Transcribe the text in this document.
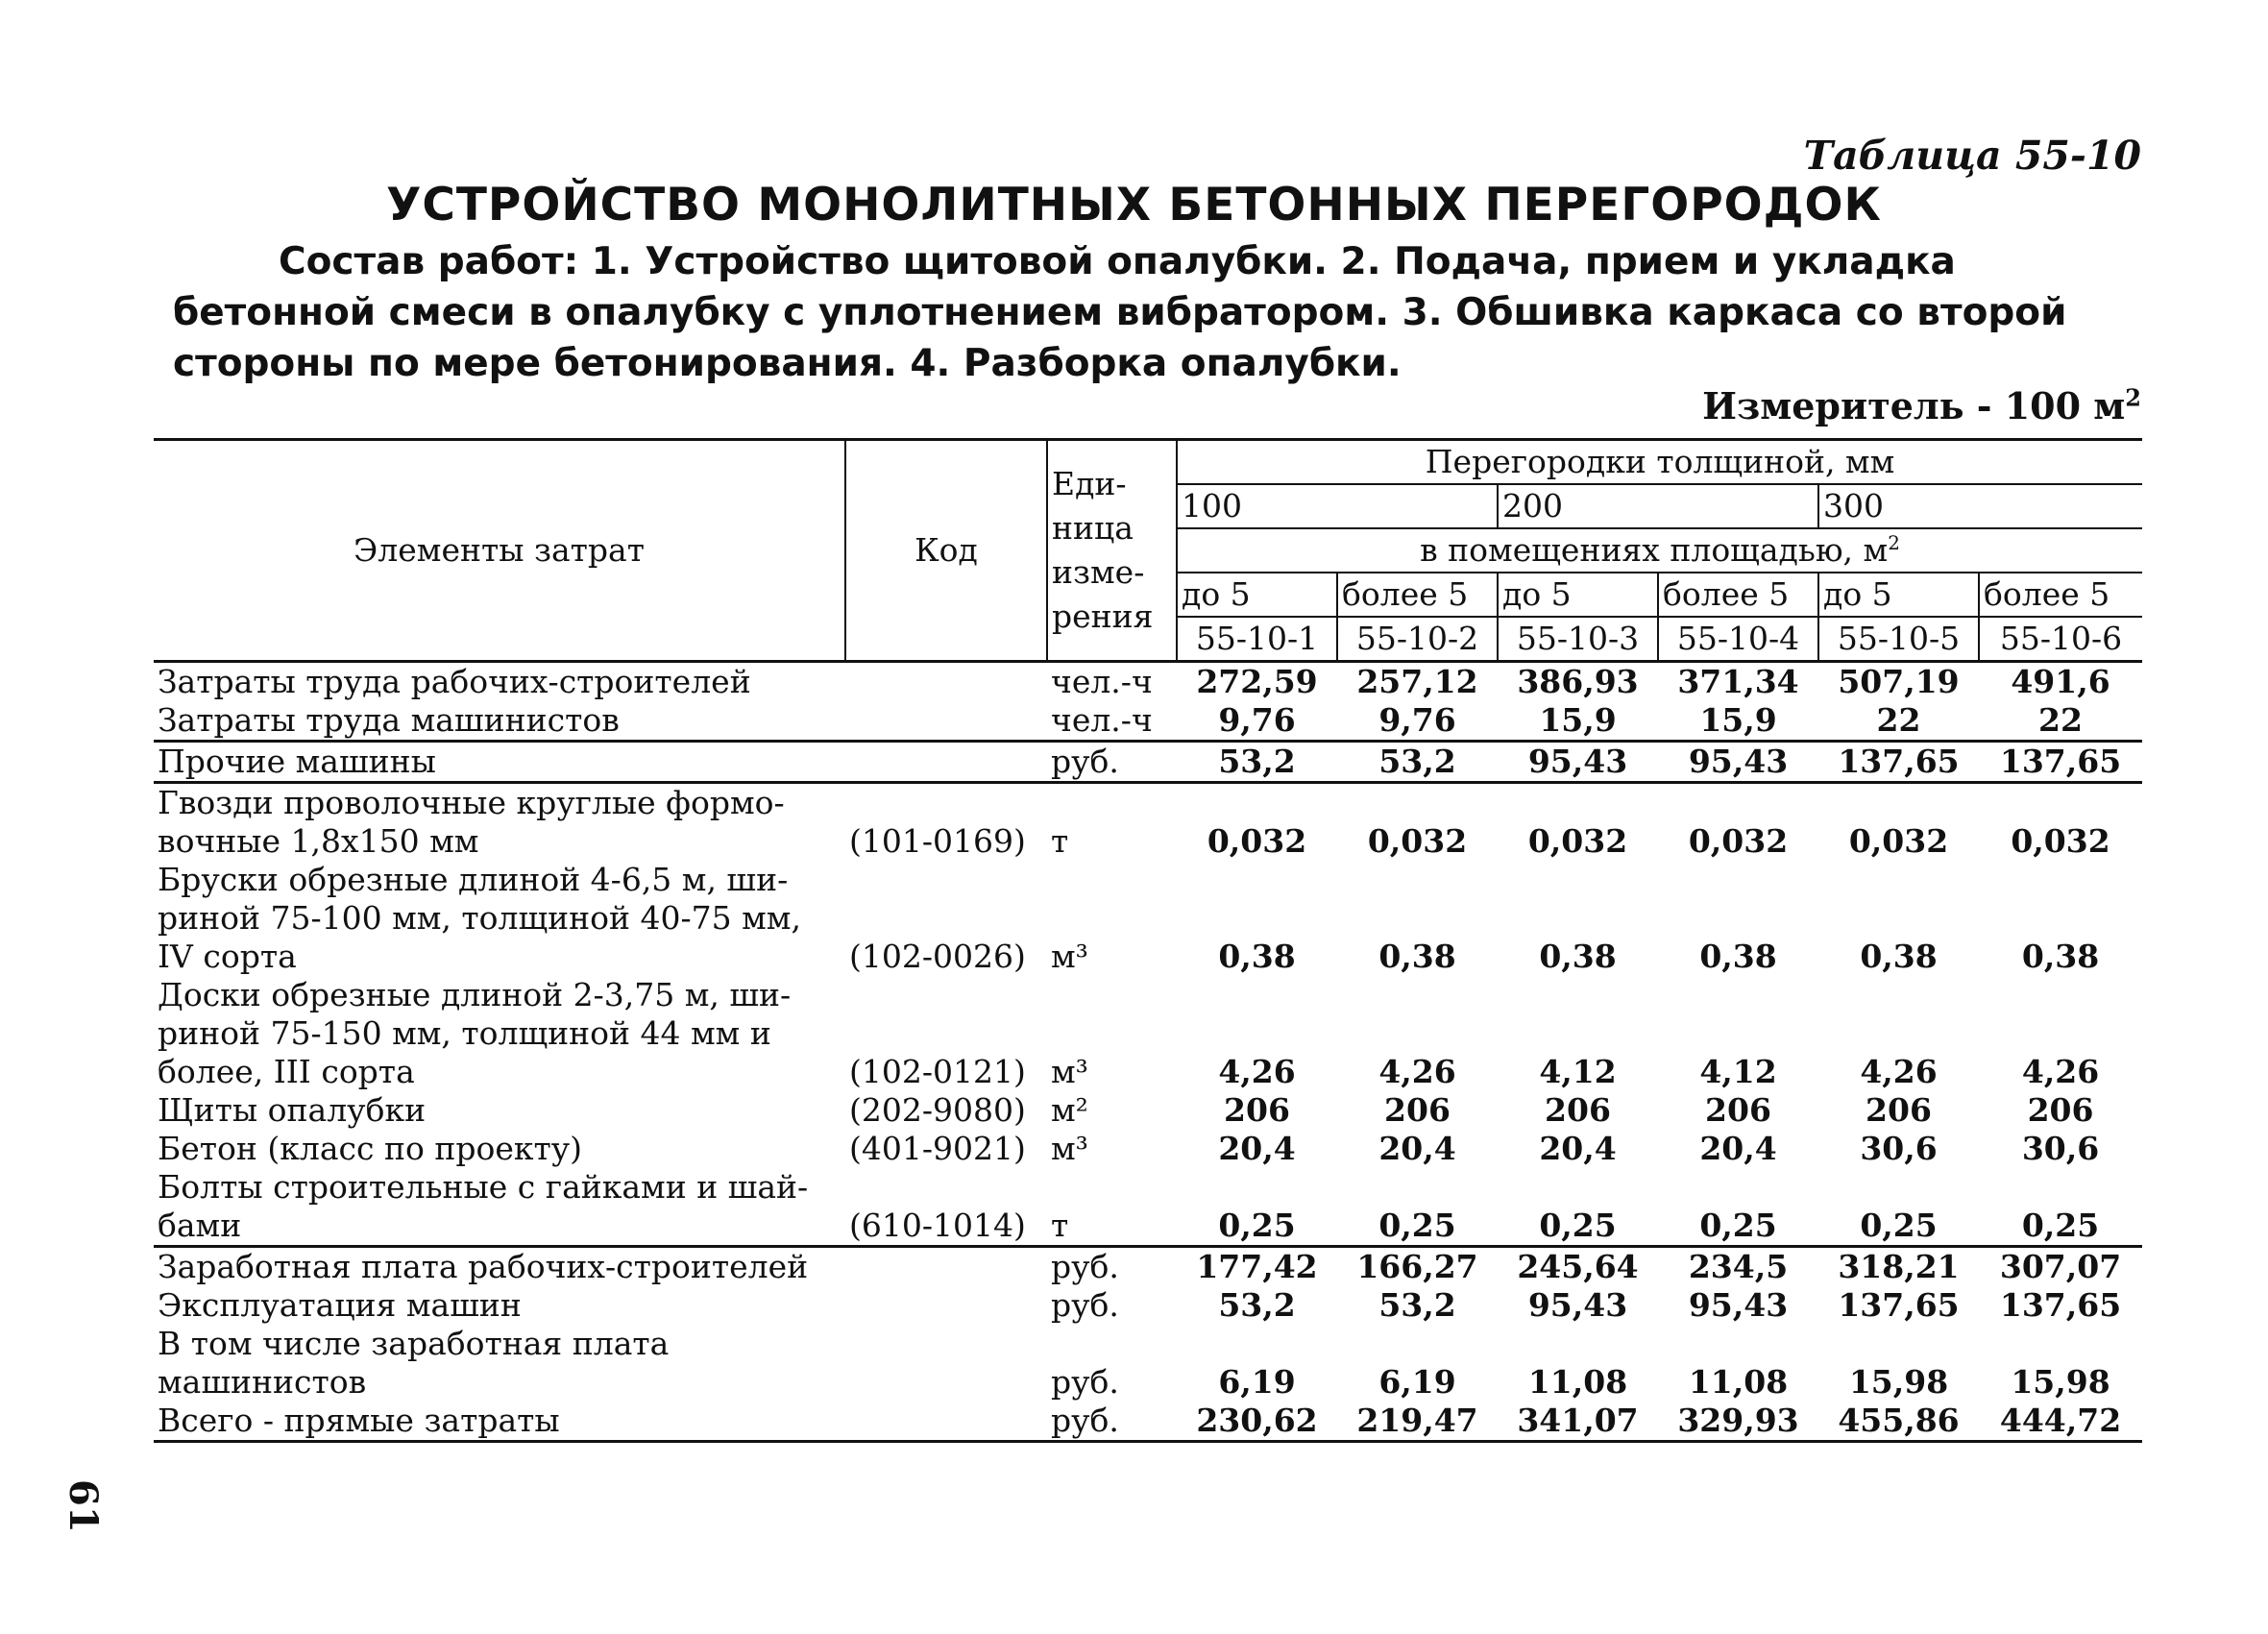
Таблица 55-10
УСТРОЙСТВО МОНОЛИТНЫХ БЕТОННЫХ ПЕРЕГОРОДОК
Состав работ: 1. Устройство щитовой опалубки. 2. Подача, прием и укладка бетонной смеси в опалубку с уплотнением вибратором. 3. Обшивка каркаса со второй стороны по мере бетонирования. 4. Разборка опалубки.
Измеритель - 100 $м^2$
61
Элементы затрат	Код	Еди-
ница
изме-
рения	Перегородки толщиной, мм					
			100		200		300	
			в помещениях площадью, $м^2$
			до 5	более 5	до 5	более 5	до 5	более 5
			55-10-1	55-10-2	55-10-3	55-10-4	55-10-5	55-10-6
Затраты труда рабочих-строителей		чел.-ч	272,59	257,12	386,93	371,34	507,19	491,6
Затраты труда машинистов		чел.-ч	9,76	9,76	15,9	15,9	22	22
Прочие машины		руб.	53,2	53,2	95,43	95,43	137,65	137,65
Гвозди проволочные круглые формо-вочные 1,8х150 мм	(101-0169)	т	0,032	0,032	0,032	0,032	0,032	0,032
Бруски обрезные длиной 4-6,5 м, ши-риной 75-100 мм, толщиной 40-75 мм, IV сорта	(102-0026)	м³	0,38	0,38	0,38	0,38	0,38	0,38
Доски обрезные длиной 2-3,75 м, ши-риной 75-150 мм, толщиной 44 мм и более, III сорта	(102-0121)	м³	4,26	4,26	4,12	4,12	4,26	4,26
Щиты опалубки	(202-9080)	м²	206	206	206	206	206	206
Бетон (класс по проекту)	(401-9021)	м³	20,4	20,4	20,4	20,4	30,6	30,6
Болты строительные с гайками и шай-бами	(610-1014)	т	0,25	0,25	0,25	0,25	0,25	0,25
Заработная плата рабочих-строителей		руб.	177,42	166,27	245,64	234,5	318,21	307,07
Эксплуатация машин		руб.	53,2	53,2	95,43	95,43	137,65	137,65
В том числе заработная плата машинистов		руб.	6,19	6,19	11,08	11,08	15,98	15,98
Всего - прямые затраты		руб.	230,62	219,47	341,07	329,93	455,86	444,72
